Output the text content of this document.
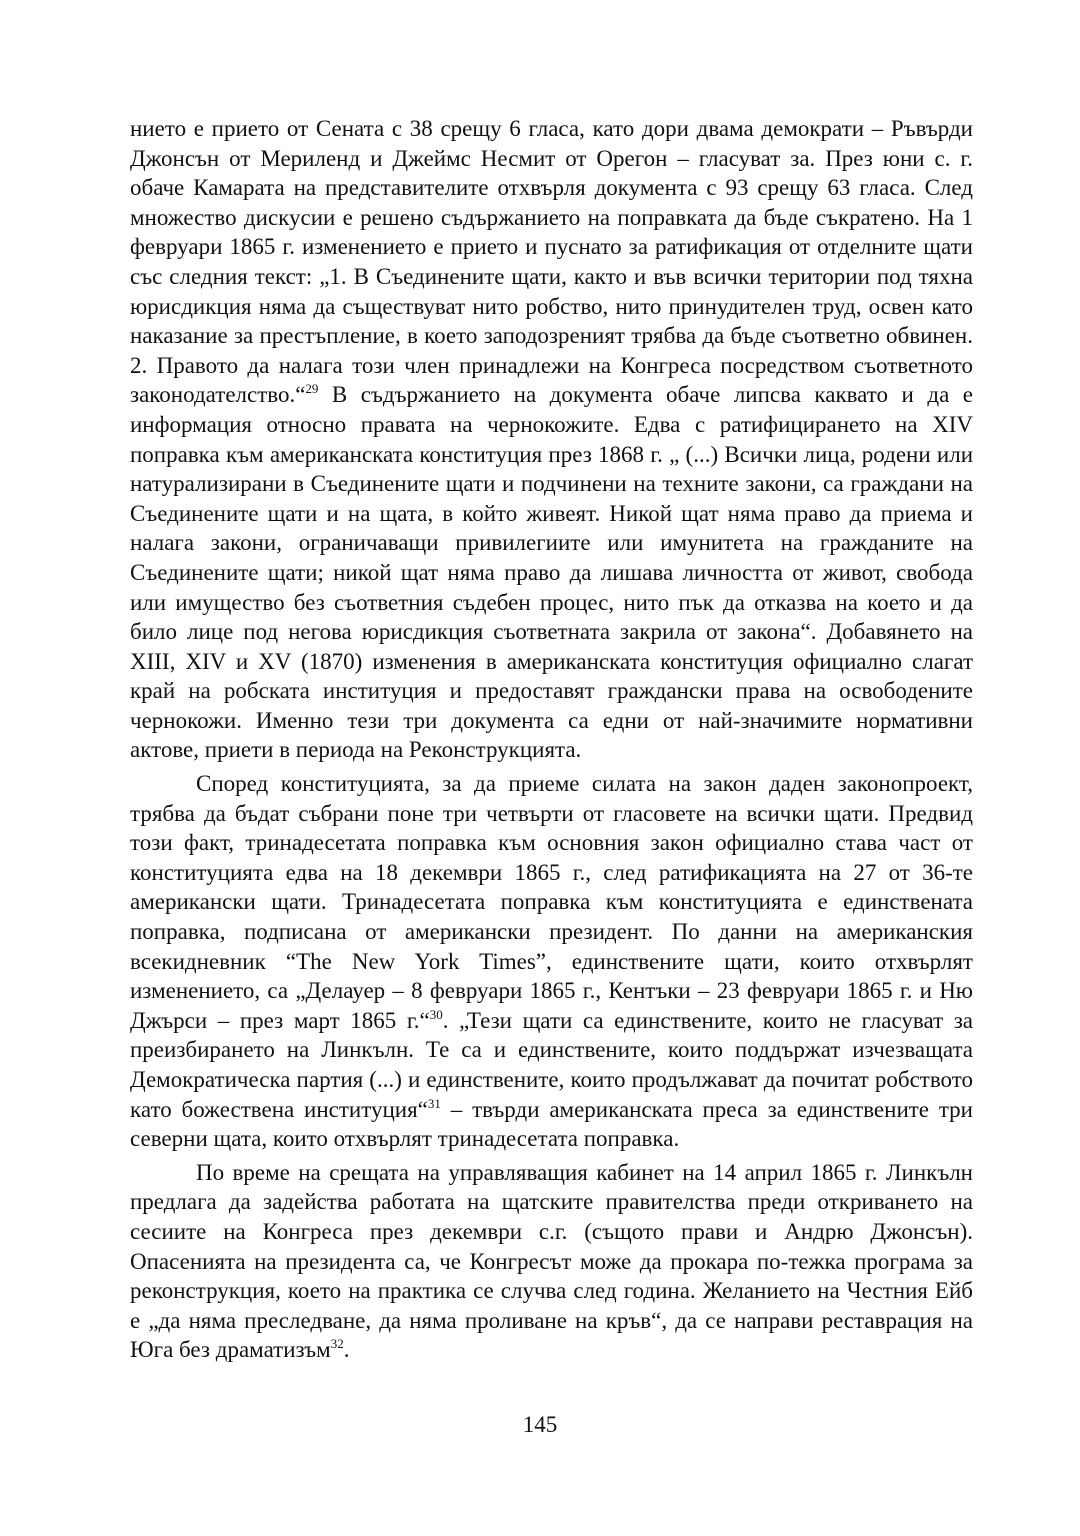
нието е прието от Сената с 38 срещу 6 гласа, като дори двама демократи – Ръвърди Джонсън от Мериленд и Джеймс Несмит от Орегон – гласуват за. През юни с. г. обаче Камарата на представителите отхвърля документа с 93 срещу 63 гласа. След множество дискусии е решено съдържанието на поправката да бъде съкратено. На 1 февруари 1865 г. изменението е прието и пуснато за ратификация от отделните щати със следния текст: „1. В Съединените щати, както и във всички територии под тяхна юрисдикция няма да съществуват нито робство, нито принудителен труд, освен като наказание за престъпление, в което заподозреният трябва да бъде съответно обвинен. 2. Правото да налага този член принадлежи на Конгреса посредством съответното законодателство.“$^{29}$ В съдържанието на документа обаче липсва каквато и да е информация относно правата на чернокожите. Едва с ратифицирането на XIV поправка към американската конституция през 1868 г. „ (...) Всички лица, родени или натурализирани в Съединените щати и подчинени на техните закони, са граждани на Съединените щати и на щата, в който живеят. Никой щат няма право да приема и налага закони, ограничаващи привилегиите или имунитета на гражданите на Съединените щати; никой щат няма право да лишава личността от живот, свобода или имущество без съответния съдебен процес, нито пък да отказва на което и да било лице под негова юрисдикция съответната закрила от закона“. Добавянето на XIII, XIV и XV (1870) изменения в американската конституция официално слагат край на робската институция и предоставят граждански права на освободените чернокожи. Именно тези три документа са едни от най-значимите нормативни актове, приети в периода на Реконструкцията.

Според конституцията, за да приеме силата на закон даден законопроект, трябва да бъдат събрани поне три четвърти от гласовете на всички щати. Предвид този факт, тринадесетата поправка към основния закон официално става част от конституцията едва на 18 декември 1865 г., след ратификацията на 27 от 36-те американски щати. Тринадесетата поправка към конституцията е единствената поправка, подписана от американски президент. По данни на американския всекидневник “The New York Times”, единствените щати, които отхвърлят изменението, са „Делауер – 8 февруари 1865 г., Кентъки – 23 февруари 1865 г. и Ню Джърси – през март 1865 г.“$^{30}$. „Тези щати са единствените, които не гласуват за преизбирането на Линкълн. Те са и единствените, които поддържат изчезващата Демократическа партия (...) и единствените, които продължават да почитат робството като божествена институция“$^{31}$ – твърди американската преса за единствените три северни щата, които отхвърлят тринадесетата поправка.

По време на срещата на управляващия кабинет на 14 април 1865 г. Линкълн предлага да задейства работата на щатските правителства преди откриването на сесиите на Конгреса през декември с.г. (същото прави и Андрю Джонсън). Опасенията на президента са, че Конгресът може да прокара по-тежка програма за реконструкция, което на практика се случва след година. Желанието на Честния Ейб е „да няма преследване, да няма проливане на кръв“, да се направи реставрация на Юга без драматизъм$^{32}$.

145
